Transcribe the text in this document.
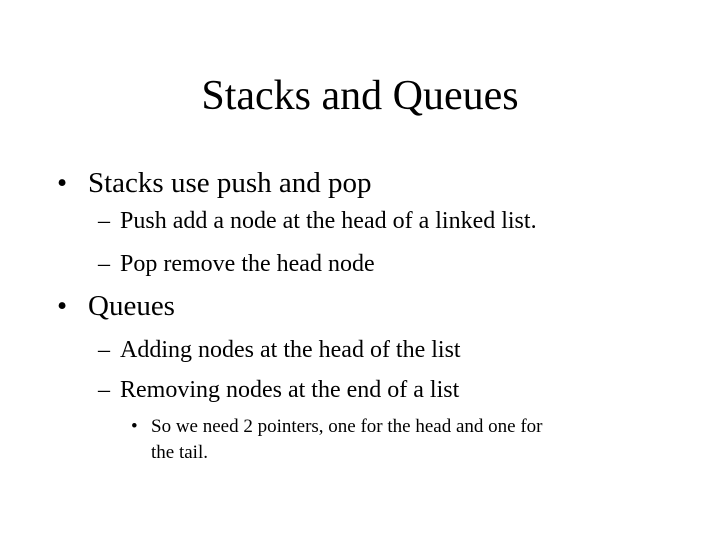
Stacks and Queues
• Stacks use push and pop
– Push add a node at the head of a linked list.
– Pop remove the head node
• Queues
– Adding nodes at the head of the list
– Removing nodes at the end of a list
• So we need 2 pointers, one for the head and one for
the tail.
